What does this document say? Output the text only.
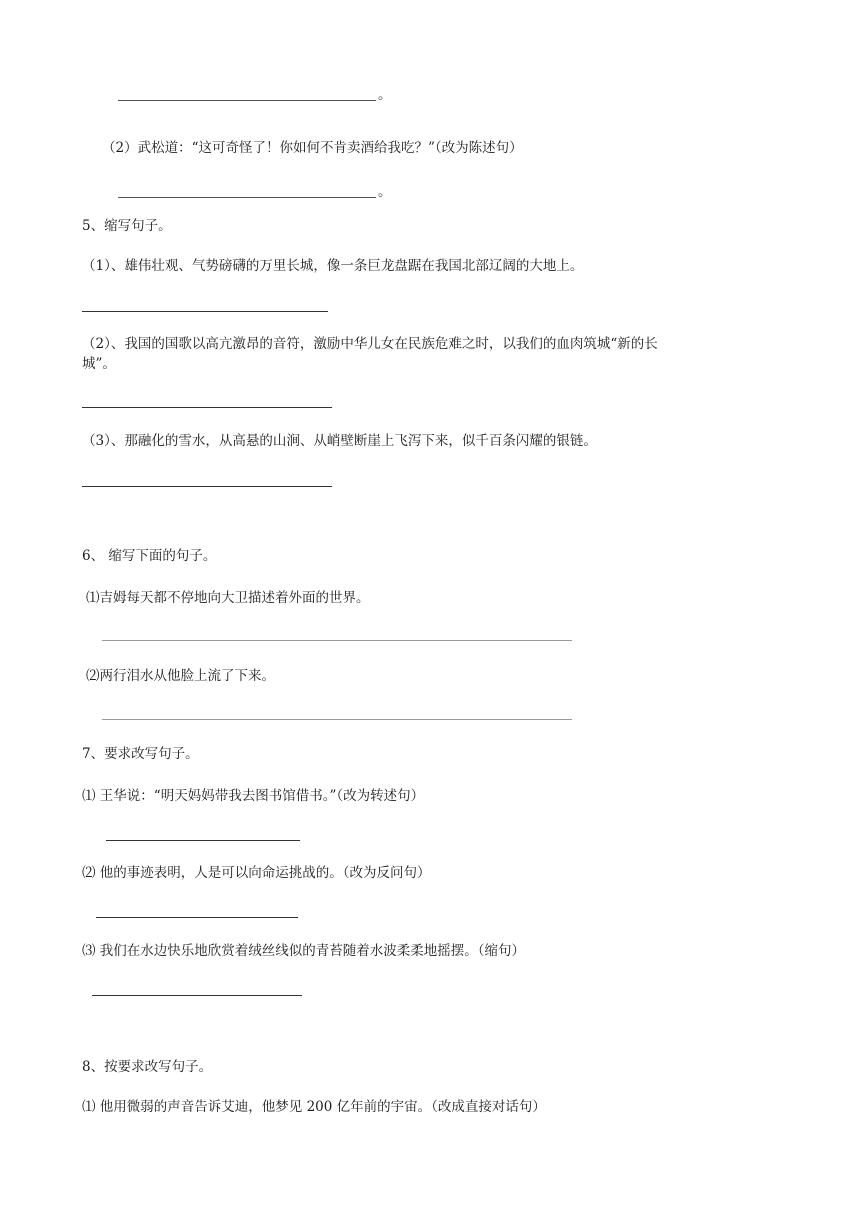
。
（2）武松道：“这可奇怪了！你如何不肯卖酒给我吃？”（改为陈述句）
。
5、缩写句子。
（1）、雄伟壮观、气势磅礴的万里长城，像一条巨龙盘踞在我国北部辽阔的大地上。
（2）、我国的国歌以高亢激昂的音符，激励中华儿女在民族危难之时，以我们的血肉筑城“新的长
城”。
（3）、那融化的雪水，从高悬的山涧、从峭壁断崖上飞泻下来，似千百条闪耀的银链。
6、 缩写下面的句子。
⑴吉姆每天都不停地向大卫描述着外面的世界。
⑵两行泪水从他脸上流了下来。
7、要求改写句子。
⑴ 王华说：“明天妈妈带我去图书馆借书。”（改为转述句）
⑵ 他的事迹表明，人是可以向命运挑战的。（改为反问句）
⑶ 我们在水边快乐地欣赏着绒丝线似的青苔随着水波柔柔地摇摆。（缩句）
8、按要求改写句子。
⑴ 他用微弱的声音告诉艾迪，他梦见 200 亿年前的宇宙。（改成直接对话句）
